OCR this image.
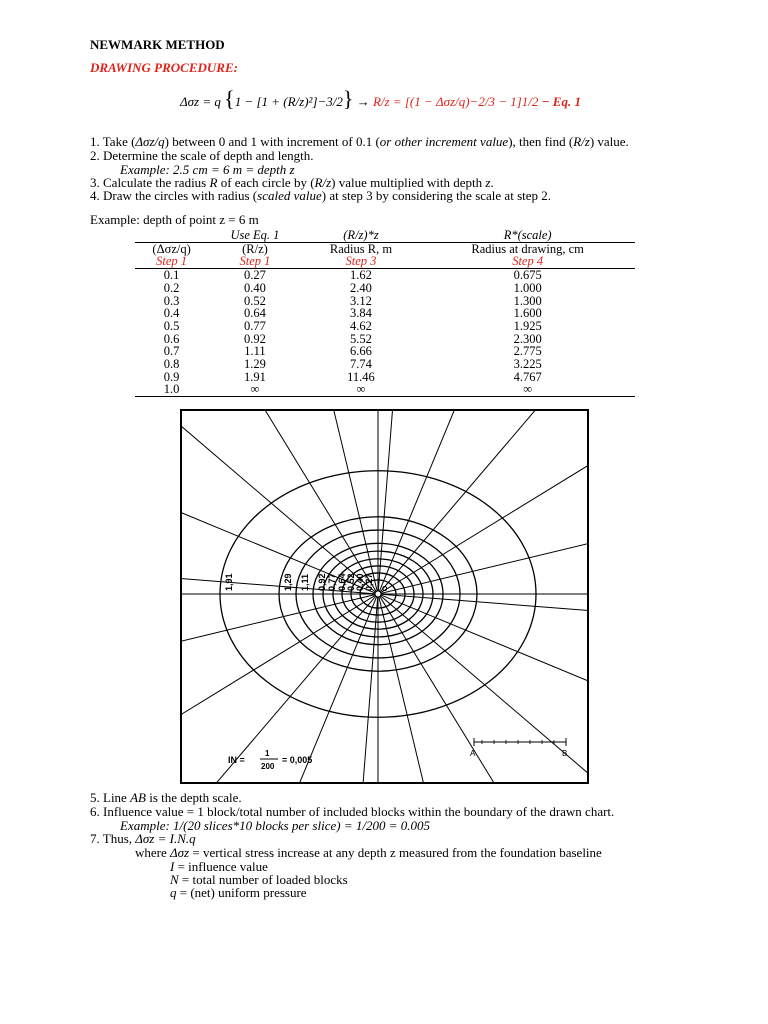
NEWMARK METHOD
DRAWING PROCEDURE:
Δσz = q {1 − [1 + (R/z)²]−3/2} → R/z = [(1 − Δσz/q)−2/3 − 1]1/2 − Eq. 1
1. Take (Δσz/q) between 0 and 1 with increment of 0.1 (or other increment value), then find (R/z) value.
2. Determine the scale of depth and length.
Example: 2.5 cm = 6 m = depth z
3. Calculate the radius R of each circle by (R/z) value multiplied with depth z.
4. Draw the circles with radius (scaled value) at step 3 by considering the scale at step 2.
Example: depth of point z = 6 m
	Use Eq. 1	(R/z)*z	R*(scale)
(Δσz/q)	(R/z)	Radius R, m	Radius at drawing, cm
Step 1	Step 1	Step 3	Step 4
0.1	0.27	1.62	0.675
0.2	0.40	2.40	1.000
0.3	0.52	3.12	1.300
0.4	0.64	3.84	1.600
0.5	0.77	4.62	1.925
0.6	0.92	5.52	2.300
0.7	1.11	6.66	2.775
0.8	1.29	7.74	3.225
0.9	1.91	11.46	4.767
1.0	∞	∞	∞
1,91	1,29 1,11 0,92 0,77 0,64 0,52 0,40 0,27 O
IN =
1
200
= 0,005
A	B
5. Line AB is the depth scale.
6. Influence value = 1 block/total number of included blocks within the boundary of the drawn chart.
Example: 1/(20 slices*10 blocks per slice) = 1/200 = 0.005
7. Thus, Δσz = I.N.q
where Δσz = vertical stress increase at any depth z measured from the foundation baseline
I = influence value
N = total number of loaded blocks
q = (net) uniform pressure
